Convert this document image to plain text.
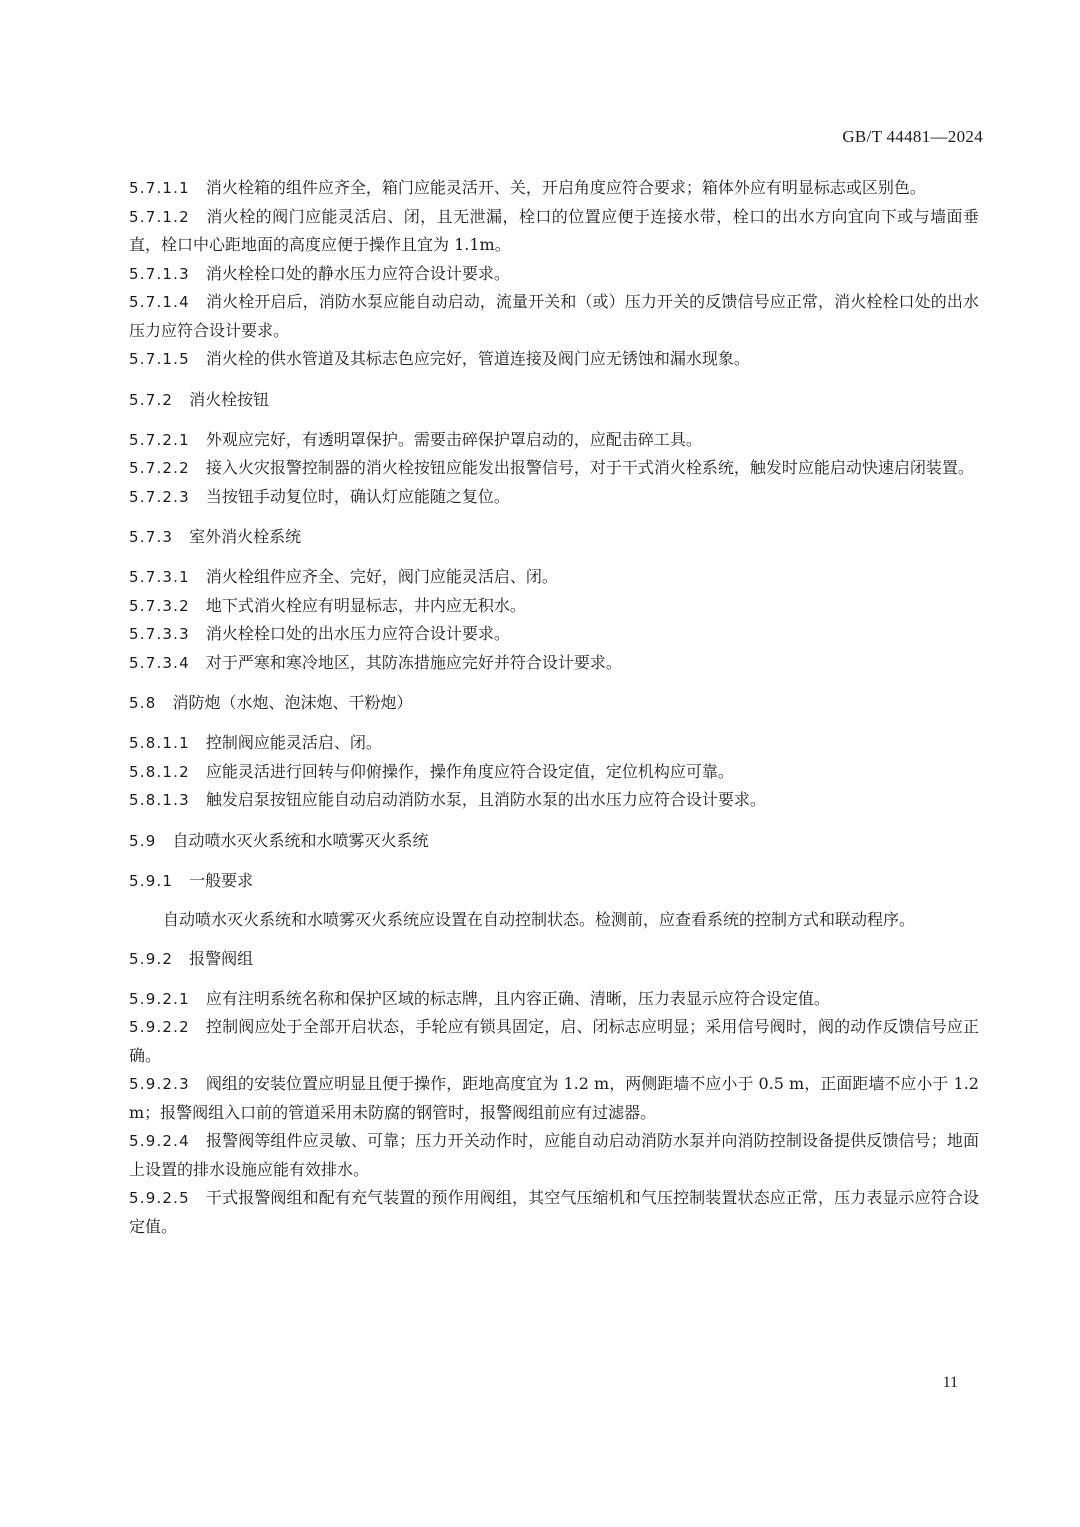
GB/T 44481—2024
5.7.1.1 消火栓箱的组件应齐全，箱门应能灵活开、关，开启角度应符合要求；箱体外应有明显标志或区别色。
5.7.1.2 消火栓的阀门应能灵活启、闭，且无泄漏，栓口的位置应便于连接水带，栓口的出水方向宜向下或与墙面垂直，栓口中心距地面的高度应便于操作且宜为 1.1m。
5.7.1.3 消火栓栓口处的静水压力应符合设计要求。
5.7.1.4 消火栓开启后，消防水泵应能自动启动，流量开关和（或）压力开关的反馈信号应正常，消火栓栓口处的出水压力应符合设计要求。
5.7.1.5 消火栓的供水管道及其标志色应完好，管道连接及阀门应无锈蚀和漏水现象。
5.7.2 消火栓按钮
5.7.2.1 外观应完好，有透明罩保护。需要击碎保护罩启动的，应配击碎工具。
5.7.2.2 接入火灾报警控制器的消火栓按钮应能发出报警信号，对于干式消火栓系统，触发时应能启动快速启闭装置。
5.7.2.3 当按钮手动复位时，确认灯应能随之复位。
5.7.3 室外消火栓系统
5.7.3.1 消火栓组件应齐全、完好，阀门应能灵活启、闭。
5.7.3.2 地下式消火栓应有明显标志，井内应无积水。
5.7.3.3 消火栓栓口处的出水压力应符合设计要求。
5.7.3.4 对于严寒和寒冷地区，其防冻措施应完好并符合设计要求。
5.8 消防炮（水炮、泡沫炮、干粉炮）
5.8.1.1 控制阀应能灵活启、闭。
5.8.1.2 应能灵活进行回转与仰俯操作，操作角度应符合设定值，定位机构应可靠。
5.8.1.3 触发启泵按钮应能自动启动消防水泵，且消防水泵的出水压力应符合设计要求。
5.9 自动喷水灭火系统和水喷雾灭火系统
5.9.1 一般要求
自动喷水灭火系统和水喷雾灭火系统应设置在自动控制状态。检测前，应查看系统的控制方式和联动程序。
5.9.2 报警阀组
5.9.2.1 应有注明系统名称和保护区域的标志牌，且内容正确、清晰，压力表显示应符合设定值。
5.9.2.2 控制阀应处于全部开启状态，手轮应有锁具固定，启、闭标志应明显；采用信号阀时，阀的动作反馈信号应正确。
5.9.2.3 阀组的安装位置应明显且便于操作，距地高度宜为 1.2 m，两侧距墙不应小于 0.5 m，正面距墙不应小于 1.2 m；报警阀组入口前的管道采用未防腐的钢管时，报警阀组前应有过滤器。
5.9.2.4 报警阀等组件应灵敏、可靠；压力开关动作时，应能自动启动消防水泵并向消防控制设备提供反馈信号；地面上设置的排水设施应能有效排水。
5.9.2.5 干式报警阀组和配有充气装置的预作用阀组，其空气压缩机和气压控制装置状态应正常，压力表显示应符合设定值。
11
